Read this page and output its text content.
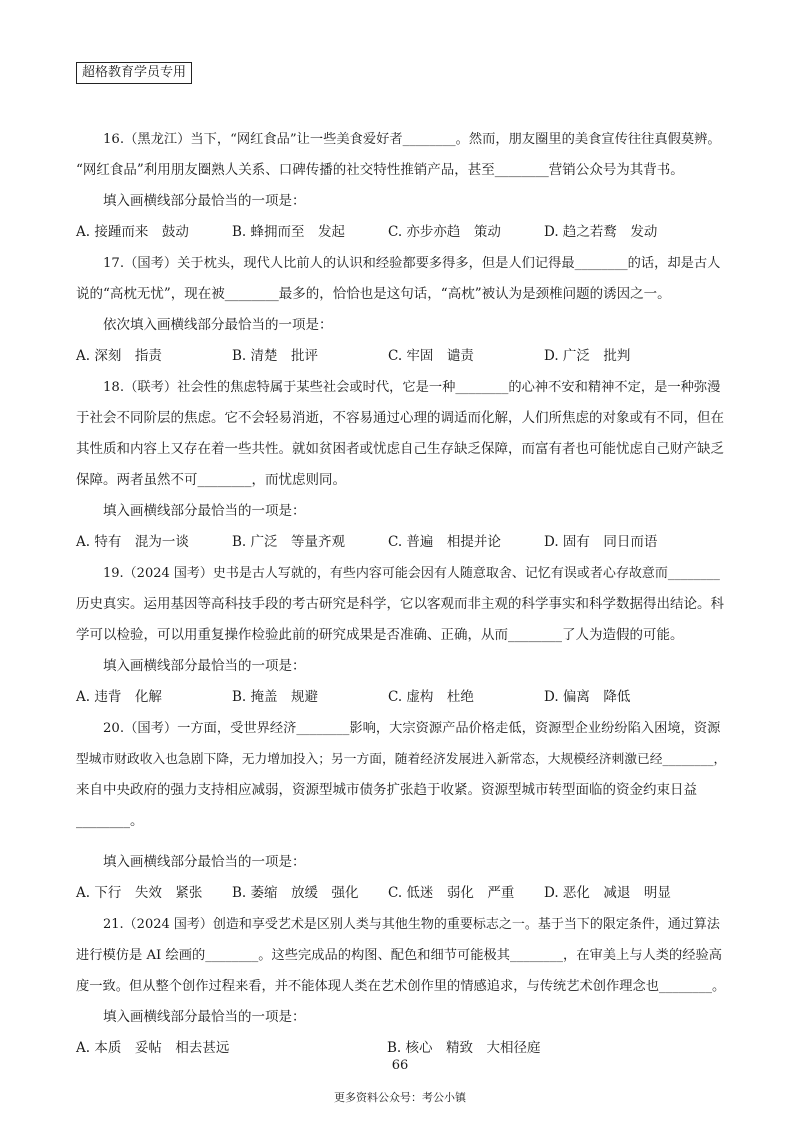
超格教育学员专用
16.（黑龙江）当下，“网红食品”让一些美食爱好者________。然而，朋友圈里的美食宣传往往真假莫辨。
“网红食品”利用朋友圈熟人关系、口碑传播的社交特性推销产品，甚至________营销公众号为其背书。
填入画横线部分最恰当的一项是：
A. 接踵而来　鼓动	B. 蜂拥而至　发起	C. 亦步亦趋　策动	D. 趋之若鹜　发动
17.（国考）关于枕头，现代人比前人的认识和经验都要多得多，但是人们记得最________的话，却是古人
说的“高枕无忧”，现在被________最多的，恰恰也是这句话，“高枕”被认为是颈椎问题的诱因之一。
依次填入画横线部分最恰当的一项是：
A. 深刻　指责	B. 清楚　批评	C. 牢固　谴责	D. 广泛　批判
18.（联考）社会性的焦虑特属于某些社会或时代，它是一种________的心神不安和精神不定，是一种弥漫
于社会不同阶层的焦虑。它不会轻易消逝，不容易通过心理的调适而化解，人们所焦虑的对象或有不同，但在
其性质和内容上又存在着一些共性。就如贫困者或忧虑自己生存缺乏保障，而富有者也可能忧虑自己财产缺乏
保障。两者虽然不可________，而忧虑则同。
填入画横线部分最恰当的一项是：
A. 特有　混为一谈	B. 广泛　等量齐观	C. 普遍　相提并论	D. 固有　同日而语
19.（2024 国考）史书是古人写就的，有些内容可能会因有人随意取舍、记忆有误或者心存故意而________
历史真实。运用基因等高科技手段的考古研究是科学，它以客观而非主观的科学事实和科学数据得出结论。科
学可以检验，可以用重复操作检验此前的研究成果是否准确、正确，从而________了人为造假的可能。
填入画横线部分最恰当的一项是：
A. 违背　化解	B. 掩盖　规避	C. 虚构　杜绝	D. 偏离　降低
20.（国考）一方面，受世界经济________影响，大宗资源产品价格走低，资源型企业纷纷陷入困境，资源
型城市财政收入也急剧下降，无力增加投入；另一方面，随着经济发展进入新常态，大规模经济刺激已经________，
来自中央政府的强力支持相应减弱，资源型城市债务扩张趋于收紧。资源型城市转型面临的资金约束日益
________。
填入画横线部分最恰当的一项是：
A. 下行　失效　紧张	B. 萎缩　放缓　强化	C. 低迷　弱化　严重	D. 恶化　减退　明显
21.（2024 国考）创造和享受艺术是区别人类与其他生物的重要标志之一。基于当下的限定条件，通过算法
进行模仿是 AI 绘画的________。这些完成品的构图、配色和细节可能极其________，在审美上与人类的经验高
度一致。但从整个创作过程来看，并不能体现人类在艺术创作里的情感追求，与传统艺术创作理念也________。
填入画横线部分最恰当的一项是：
A. 本质　妥帖　相去甚远	B. 核心　精致　大相径庭
66
更多资料公众号：考公小镇
